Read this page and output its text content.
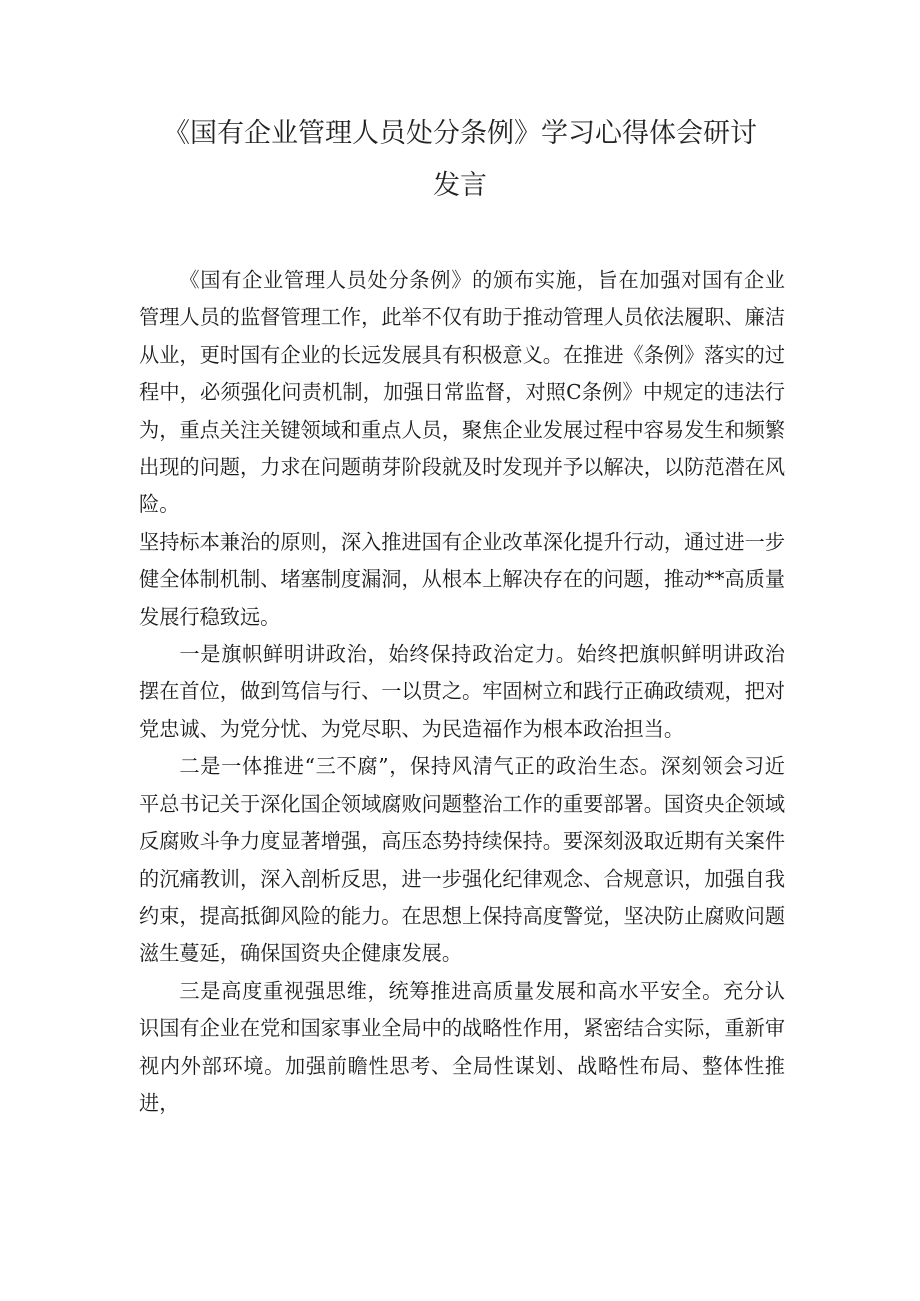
《国有企业管理人员处分条例》学习心得体会研讨
发言

《国有企业管理人员处分条例》的颁布实施，旨在加强对国有企业管理人员的监督管理工作，此举不仅有助于推动管理人员依法履职、廉洁从业，更时国有企业的长远发展具有积极意义。在推进《条例》落实的过程中，必须强化问责机制，加强日常监督，对照C条例》中规定的违法行为，重点关注关键领域和重点人员，聚焦企业发展过程中容易发生和频繁出现的问题，力求在问题萌芽阶段就及时发现并予以解决，以防范潜在风险。

坚持标本兼治的原则，深入推进国有企业改革深化提升行动，通过进一步健全体制机制、堵塞制度漏洞，从根本上解决存在的问题，推动**高质量发展行稳致远。

一是旗帜鲜明讲政治，始终保持政治定力。始终把旗帜鲜明讲政治摆在首位，做到笃信与行、一以贯之。牢固树立和践行正确政绩观，把对党忠诚、为党分忧、为党尽职、为民造福作为根本政治担当。

二是一体推进“三不腐”，保持风清气正的政治生态。深刻领会习近平总书记关于深化国企领域腐败问题整治工作的重要部署。国资央企领域反腐败斗争力度显著增强，高压态势持续保持。要深刻汲取近期有关案件的沉痛教训，深入剖析反思，进一步强化纪律观念、合规意识，加强自我约束，提高抵御风险的能力。在思想上保持高度警觉，坚决防止腐败问题滋生蔓延，确保国资央企健康发展。

三是高度重视强思维，统筹推进高质量发展和高水平安全。充分认识国有企业在党和国家事业全局中的战略性作用，紧密结合实际，重新审视内外部环境。加强前瞻性思考、全局性谋划、战略性布局、整体性推进，
